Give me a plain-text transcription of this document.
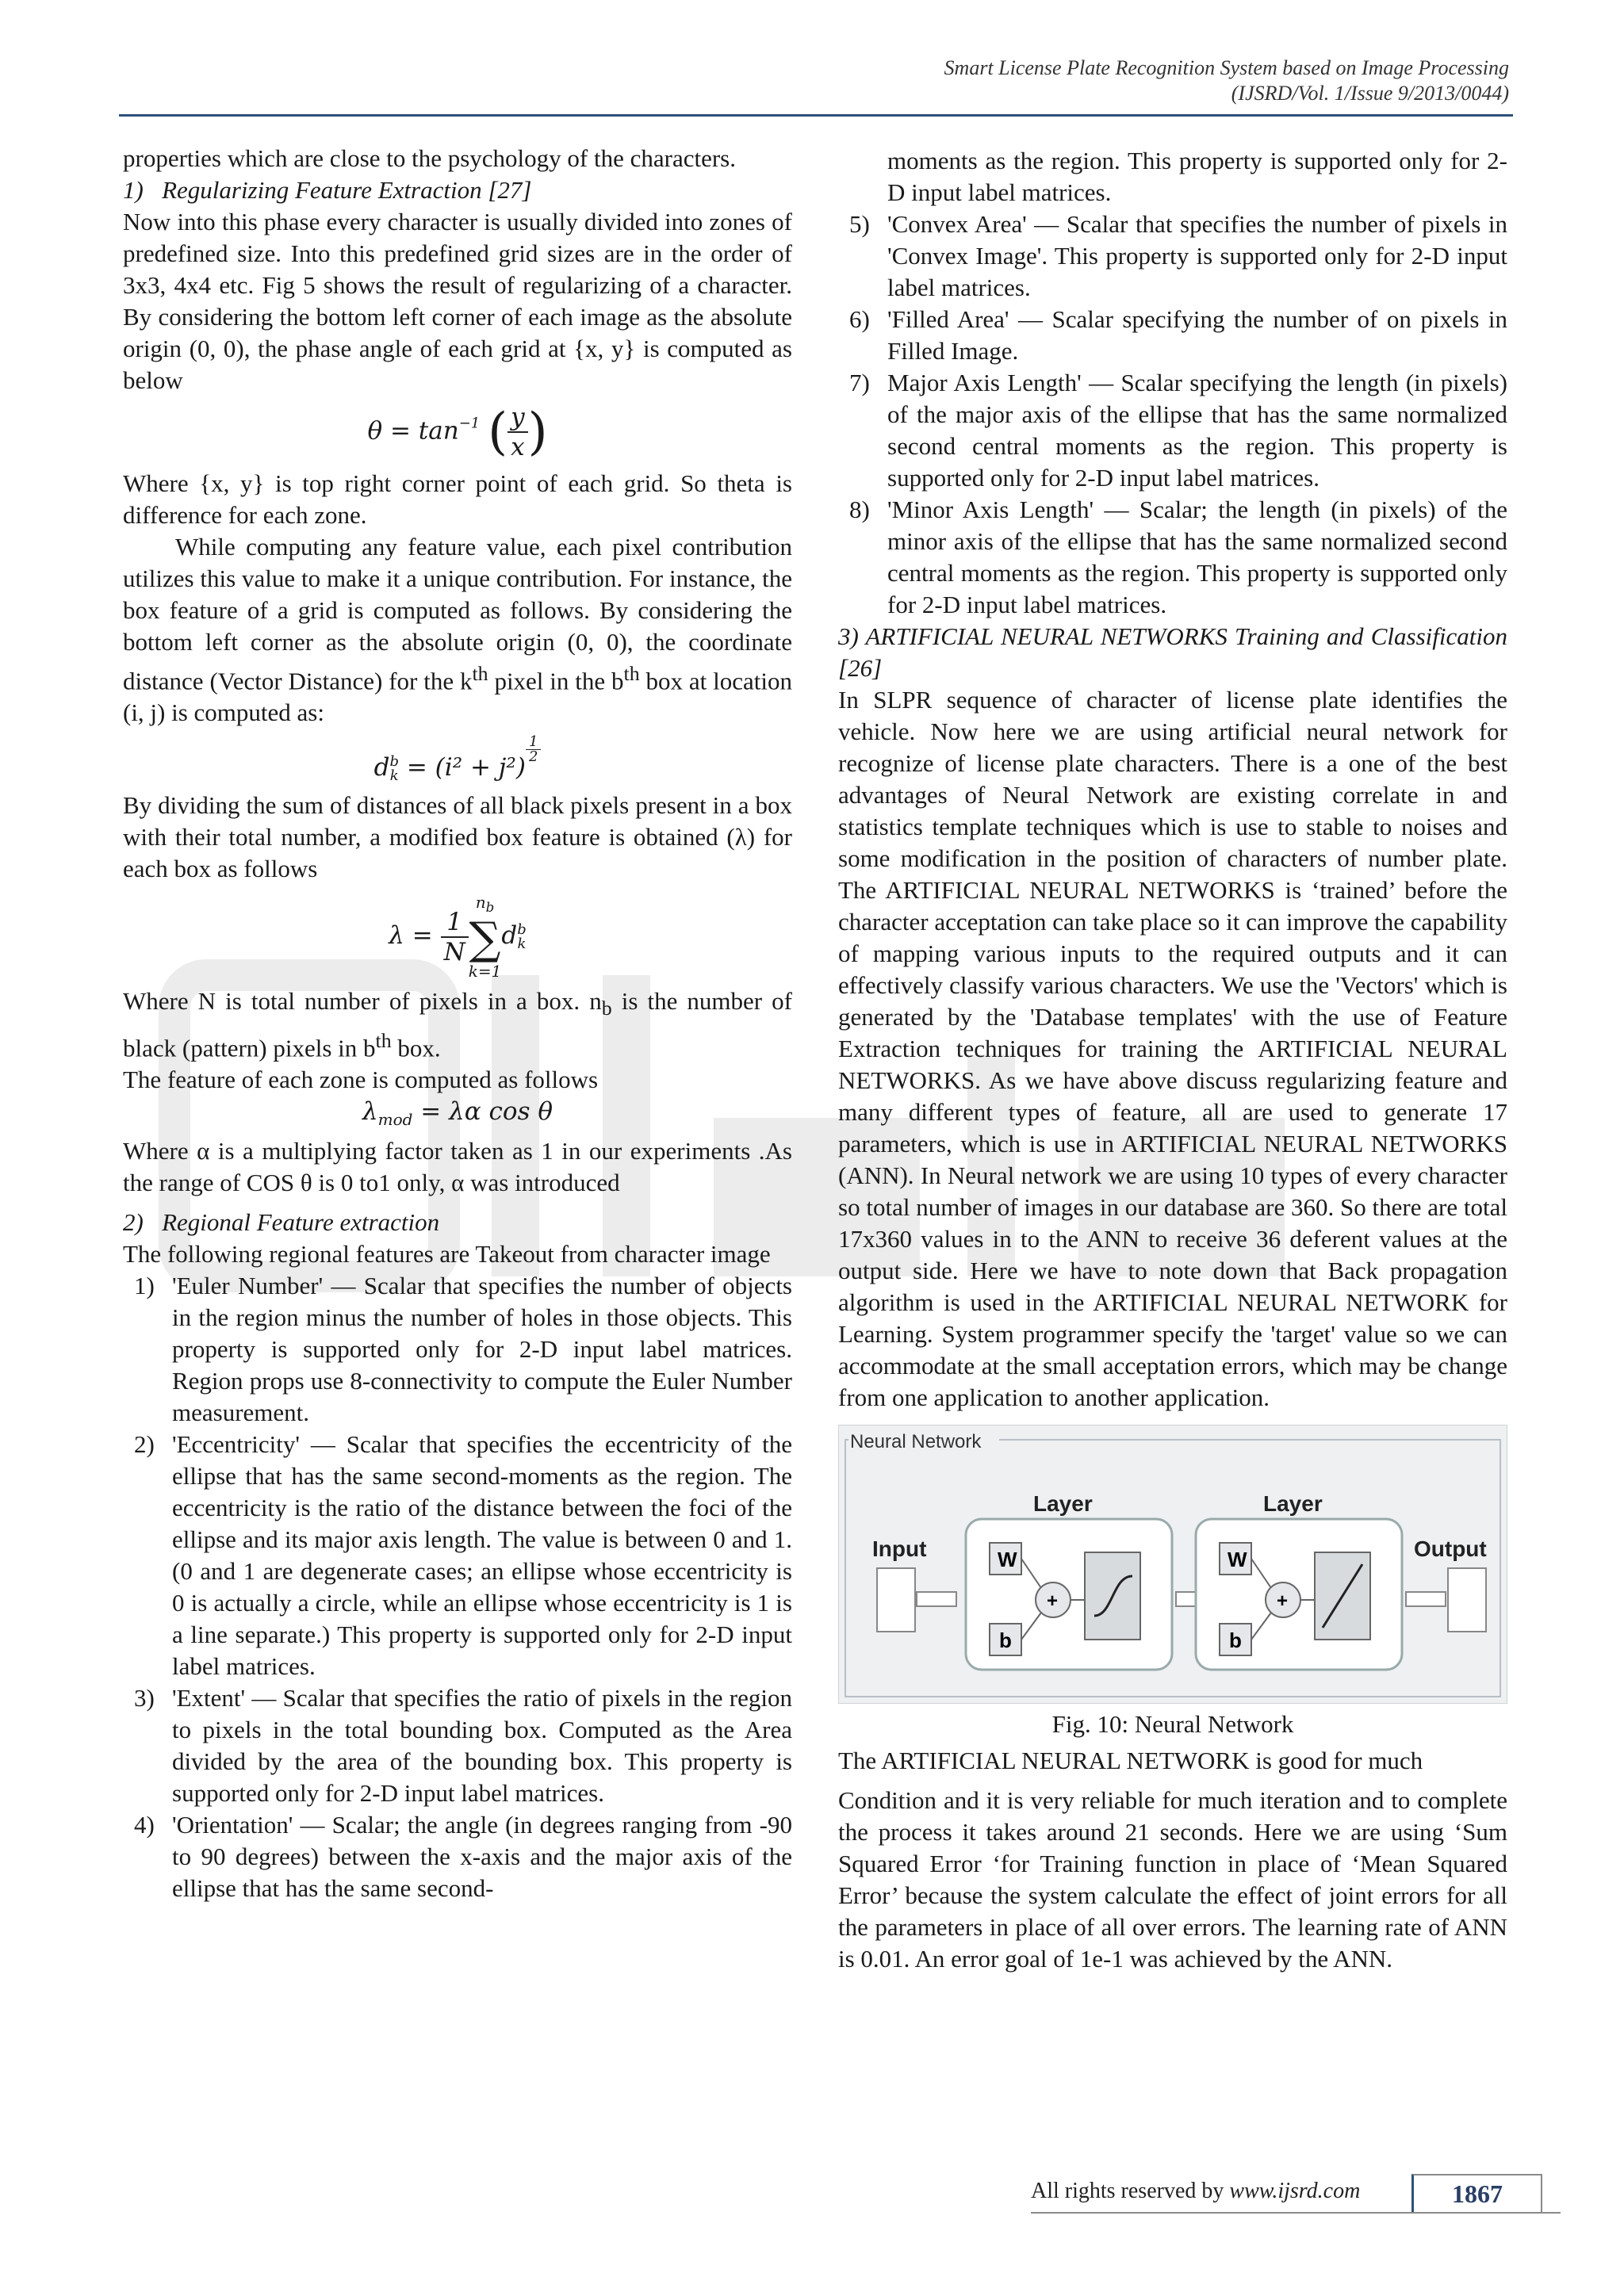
Smart License Plate Recognition System based on Image Processing
(IJSRD/Vol. 1/Issue 9/2013/0044)

properties which are close to the psychology of the characters.

1)   Regularizing Feature Extraction [27]

Now into this phase every character is usually divided into zones of predefined size. Into this predefined grid sizes are in the order of 3x3, 4x4 etc. Fig 5 shows the result of regularizing of a character. By considering the bottom left corner of each image as the absolute origin (0, 0), the phase angle of each grid at {x, y} is computed as below

$\theta = \tan^{-1}$ ( $\frac{y}{x}$ )

Where {x, y} is top right corner point of each grid. So theta is difference for each zone.

While computing any feature value, each pixel contribution utilizes this value to make it a unique contribution. For instance, the box feature of a grid is computed as follows. By considering the bottom left corner as the absolute origin (0, 0), the coordinate distance (Vector Distance) for the $k^{th}$ pixel in the $b^{th}$ box at location (i, j) is computed as:

d b
k = (i² + j²)
$\frac{1}{2}$

By dividing the sum of distances of all black pixels present in a box with their total number, a modified box feature is obtained (λ) for each box as follows

$\lambda = \frac{1}{N}$
$n_b$
∑
k=1
d b
k

Where N is total number of pixels in a box. $n_b$ is the number of black (pattern) pixels in $b^{th}$ box.

The feature of each zone is computed as follows

$\lambda_{mod} = \lambda\alpha$ cos θ

Where α is a multiplying factor taken as 1 in our experiments .As the range of COS θ is 0 to1 only, α was introduced

2)   Regional Feature extraction

The following regional features are Takeout from character image

1) 'Euler Number' — Scalar that specifies the number of objects in the region minus the number of holes in those objects. This property is supported only for 2-D input label matrices. Region props use 8-connectivity to compute the Euler Number measurement.
2) 'Eccentricity' — Scalar that specifies the eccentricity of the ellipse that has the same second-moments as the region. The eccentricity is the ratio of the distance between the foci of the ellipse and its major axis length. The value is between 0 and 1. (0 and 1 are degenerate cases; an ellipse whose eccentricity is 0 is actually a circle, while an ellipse whose eccentricity is 1 is a line separate.) This property is supported only for 2-D input label matrices.
3) 'Extent' — Scalar that specifies the ratio of pixels in the region to pixels in the total bounding box. Computed as the Area divided by the area of the bounding box. This property is supported only for 2-D input label matrices.
4) 'Orientation' — Scalar; the angle (in degrees ranging from -90 to 90 degrees) between the x-axis and the major axis of the ellipse that has the same second-

moments as the region. This property is supported only for 2-D input label matrices.

5) 'Convex Area' — Scalar that specifies the number of pixels in 'Convex Image'. This property is supported only for 2-D input label matrices.
6) 'Filled Area' — Scalar specifying the number of on pixels in Filled Image.
7) Major Axis Length' — Scalar specifying the length (in pixels) of the major axis of the ellipse that has the same normalized second central moments as the region. This property is supported only for 2-D input label matrices.
8) 'Minor Axis Length' — Scalar; the length (in pixels) of the minor axis of the ellipse that has the same normalized second central moments as the region. This property is supported only for 2-D input label matrices.

3) ARTIFICIAL NEURAL NETWORKS Training and Classification [26]

In SLPR sequence of character of license plate identifies the vehicle. Now here we are using artificial neural network for recognize of license plate characters. There is a one of the best advantages of Neural Network are existing correlate in and statistics template techniques which is use to stable to noises and some modification in the position of characters of number plate. The ARTIFICIAL NEURAL NETWORKS is ‘trained’ before the character acceptation can take place so it can improve the capability of mapping various inputs to the required outputs and it can effectively classify various characters. We use the 'Vectors' which is generated by the 'Database templates' with the use of Feature Extraction techniques for training the ARTIFICIAL NEURAL NETWORKS. As we have above discuss regularizing feature and many different types of feature, all are used to generate 17 parameters, which is use in ARTIFICIAL NEURAL NETWORKS (ANN). In Neural network we are using 10 types of every character so total number of images in our database are 360. So there are total 17x360 values in to the ANN to receive 36 deferent values at the output side. Here we have to note down that Back propagation algorithm is used in the ARTIFICIAL NEURAL NETWORK for Learning. System programmer specify the 'target' value so we can accommodate at the small acceptation errors, which may be change from one application to another application.

Neural Network
Input
Layer
W
b
+
Layer
W
b
+
Output

Fig. 10: Neural Network

The ARTIFICIAL NEURAL NETWORK is good for much

Condition and it is very reliable for much iteration and to complete the process it takes around 21 seconds. Here we are using ‘Sum Squared Error ‘for Training function in place of ‘Mean Squared Error’ because the system calculate the effect of joint errors for all the parameters in place of all over errors. The learning rate of ANN is 0.01. An error goal of 1e-1 was achieved by the ANN.

All rights reserved by www.ijsrd.com	1867
